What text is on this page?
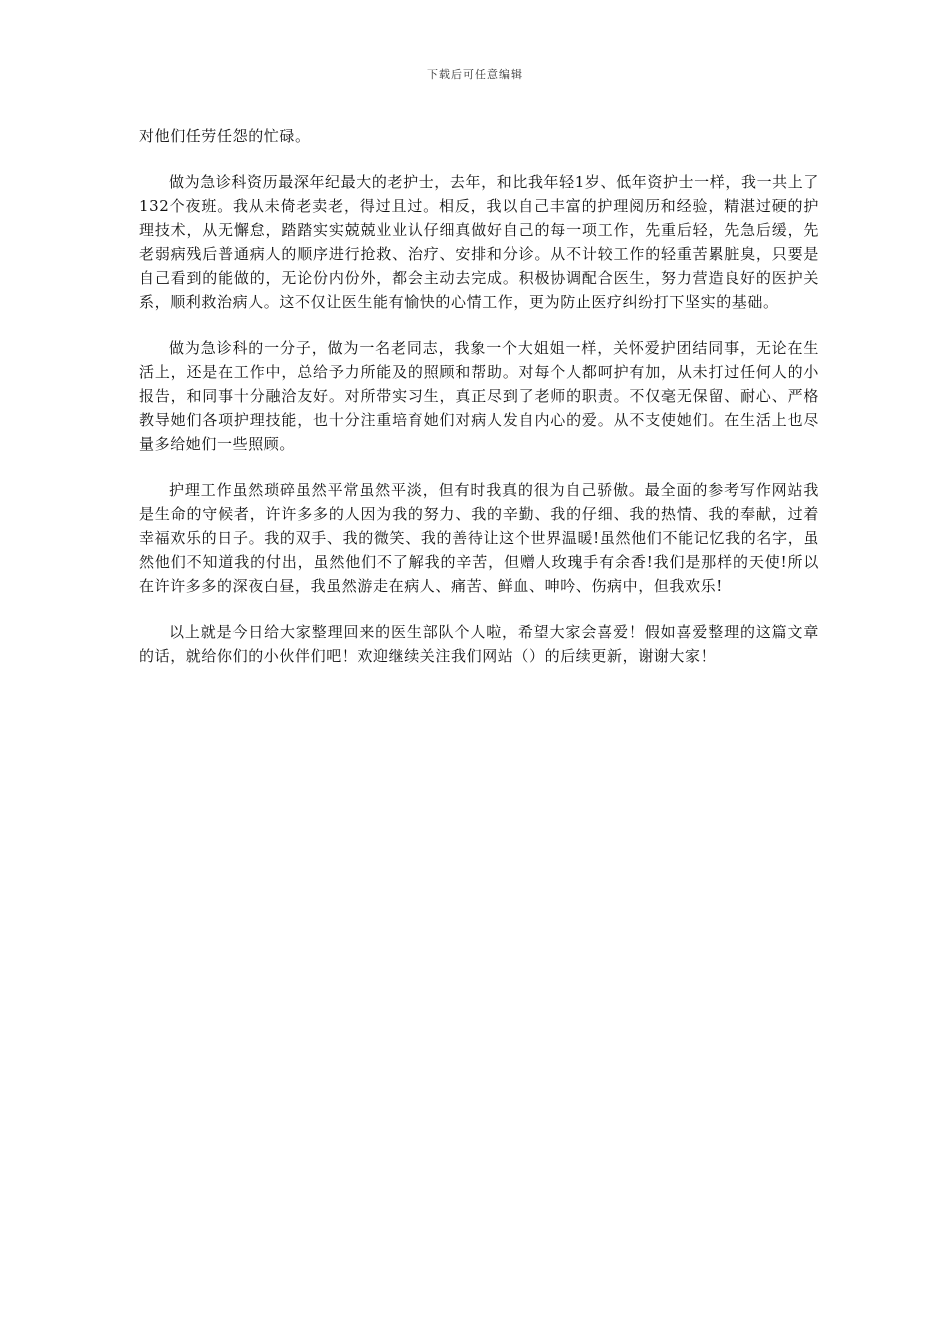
下载后可任意编辑

对他们任劳任怨的忙碌。

做为急诊科资历最深年纪最大的老护士，去年，和比我年轻1岁、低年资护士一样，我一共上了132个夜班。我从未倚老卖老，得过且过。相反，我以自己丰富的护理阅历和经验，精湛过硬的护理技术，从无懈怠，踏踏实实兢兢业业认仔细真做好自己的每一项工作，先重后轻，先急后缓，先老弱病残后普通病人的顺序进行抢救、治疗、安排和分诊。从不计较工作的轻重苦累脏臭，只要是自己看到的能做的，无论份内份外，都会主动去完成。积极协调配合医生，努力营造良好的医护关系，顺利救治病人。这不仅让医生能有愉快的心情工作，更为防止医疗纠纷打下坚实的基础。

做为急诊科的一分子，做为一名老同志，我象一个大姐姐一样，关怀爱护团结同事，无论在生活上，还是在工作中，总给予力所能及的照顾和帮助。对每个人都呵护有加，从未打过任何人的小报告，和同事十分融洽友好。对所带实习生，真正尽到了老师的职责。不仅毫无保留、耐心、严格教导她们各项护理技能，也十分注重培育她们对病人发自内心的爱。从不支使她们。在生活上也尽量多给她们一些照顾。

护理工作虽然琐碎虽然平常虽然平淡，但有时我真的很为自己骄傲。最全面的参考写作网站我是生命的守候者，许许多多的人因为我的努力、我的辛勤、我的仔细、我的热情、我的奉献，过着幸福欢乐的日子。我的双手、我的微笑、我的善待让这个世界温暖!虽然他们不能记忆我的名字，虽然他们不知道我的付出，虽然他们不了解我的辛苦，但赠人玫瑰手有余香!我们是那样的天使!所以在许许多多的深夜白昼，我虽然游走在病人、痛苦、鲜血、呻吟、伤病中，但我欢乐!

以上就是今日给大家整理回来的医生部队个人啦，希望大家会喜爱！假如喜爱整理的这篇文章的话，就给你们的小伙伴们吧！欢迎继续关注我们网站（）的后续更新，谢谢大家！
